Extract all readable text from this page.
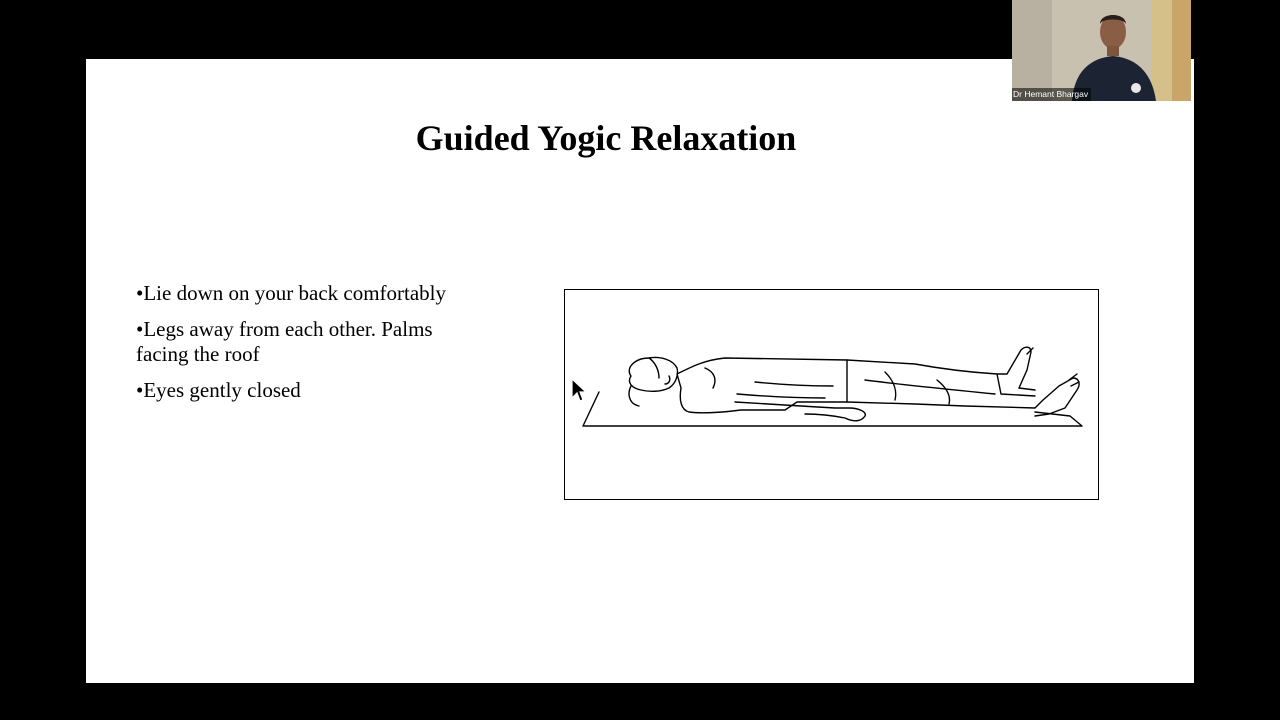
Guided Yogic Relaxation
•Lie down on your back comfortably
•Legs away from each other. Palms facing the roof
•Eyes gently closed
Dr Hemant Bhargav
